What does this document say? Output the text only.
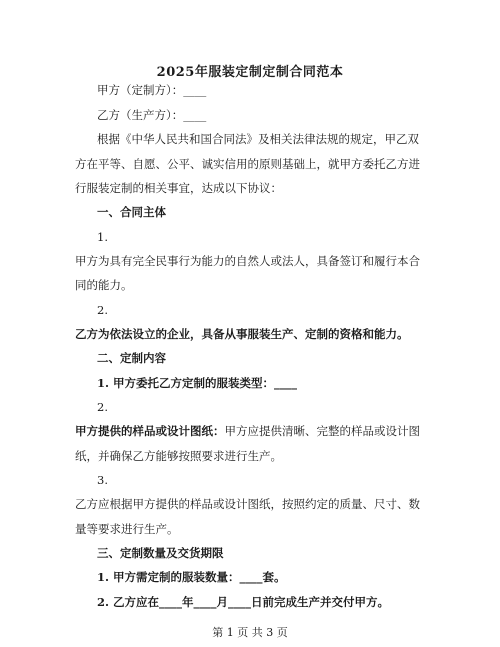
2025年服装定制定制合同范本
甲方（定制方）：____
乙方（生产方）：____
根据《中华人民共和国合同法》及相关法律法规的规定，甲乙双
方在平等、自愿、公平、诚实信用的原则基础上，就甲方委托乙方进
行服装定制的相关事宜，达成以下协议：
一、合同主体
1.
甲方为具有完全民事行为能力的自然人或法人，具备签订和履行本合
同的能力。
2.
乙方为依法设立的企业，具备从事服装生产、定制的资格和能力。
二、定制内容
1. 甲方委托乙方定制的服装类型：____
2.
甲方提供的样品或设计图纸：甲方应提供清晰、完整的样品或设计图
纸，并确保乙方能够按照要求进行生产。
3.
乙方应根据甲方提供的样品或设计图纸，按照约定的质量、尺寸、数
量等要求进行生产。
三、定制数量及交货期限
1. 甲方需定制的服装数量：____套。
2. 乙方应在____年____月____日前完成生产并交付甲方。
第 1 页 共 3 页
